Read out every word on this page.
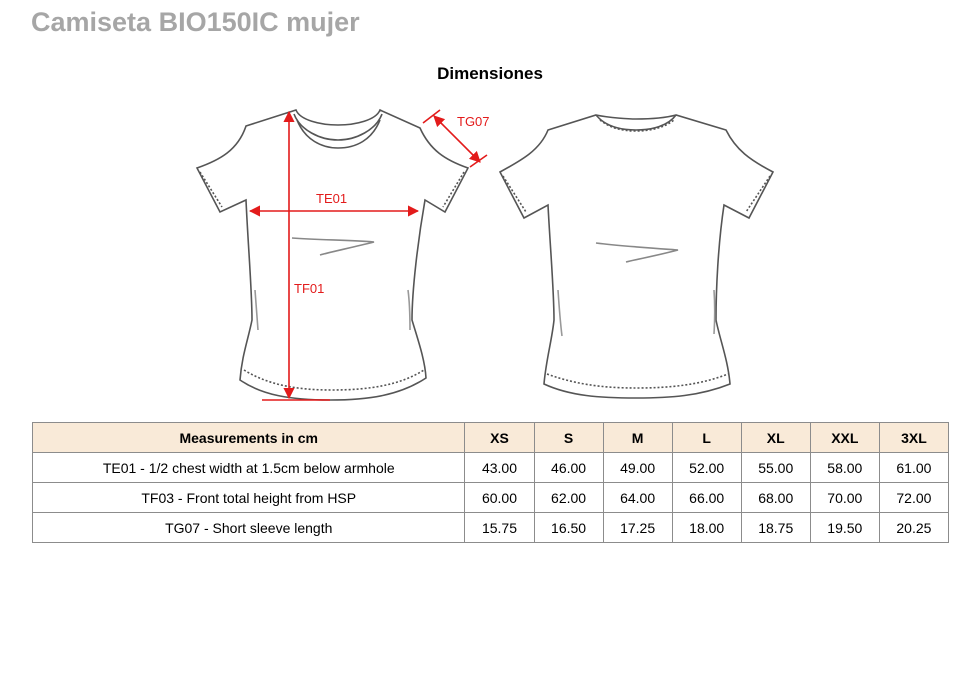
Camiseta BIO150IC mujer
Dimensiones
TE01
TF01
TG07
Measurements in cm	XS	S	M	L	XL	XXL	3XL
TE01 - 1/2 chest width at 1.5cm below armhole	43.00	46.00	49.00	52.00	55.00	58.00	61.00
TF03 - Front total height from HSP	60.00	62.00	64.00	66.00	68.00	70.00	72.00
TG07 - Short sleeve length	15.75	16.50	17.25	18.00	18.75	19.50	20.25
